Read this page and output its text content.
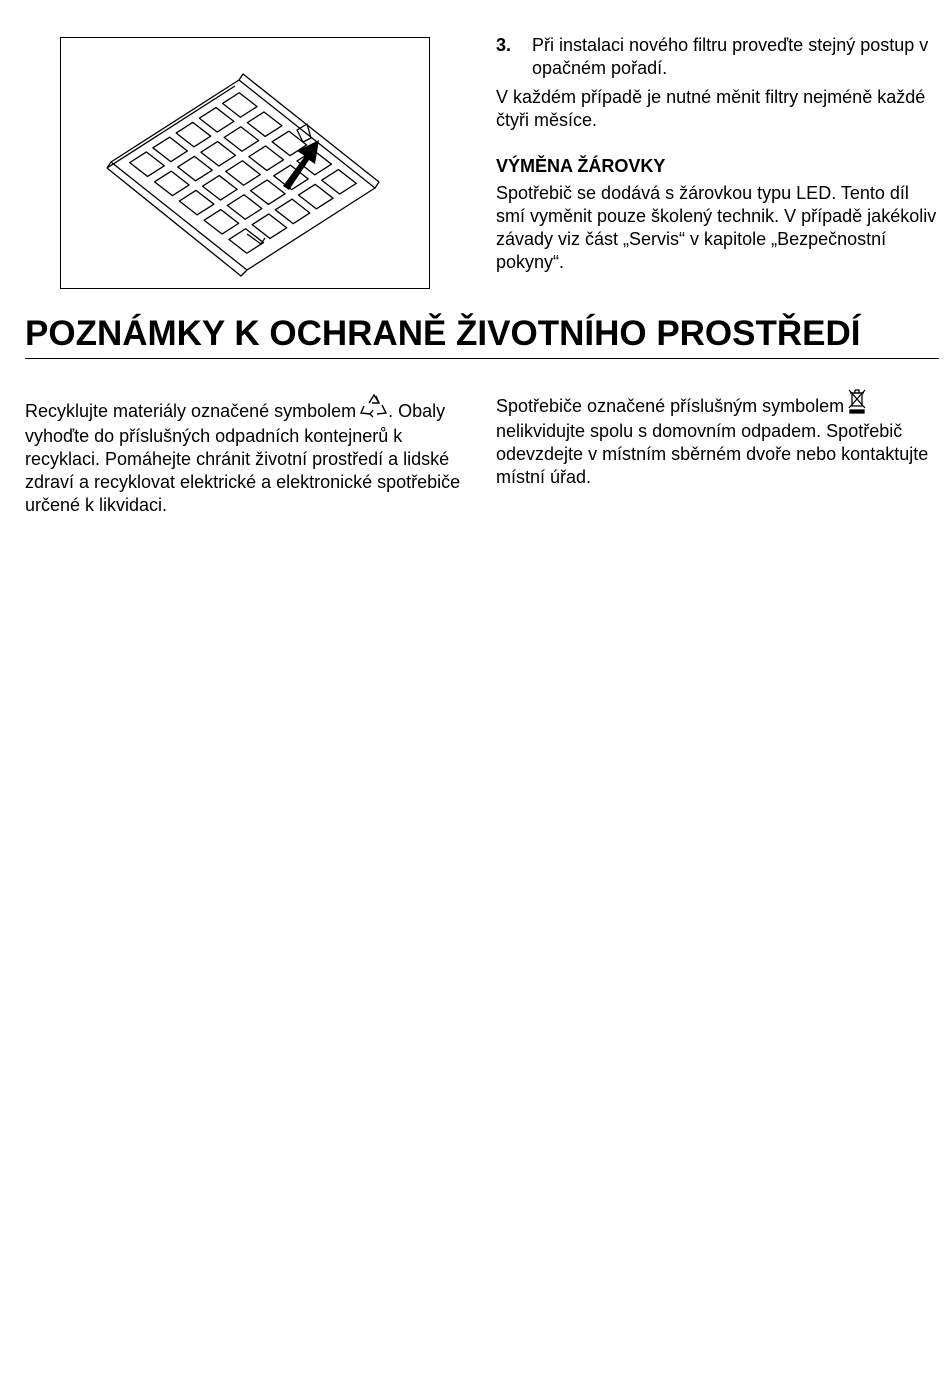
3.	Při instalaci nového filtru proveďte stejný postup v opačném pořadí.

V každém případě je nutné měnit filtry nejméně každé čtyři měsíce.

VÝMĚNA ŽÁROVKY

Spotřebič se dodává s žárovkou typu LED. Tento díl smí vyměnit pouze školený technik. V případě jakékoliv závady viz část „Servis“ v kapitole „Bezpečnostní pokyny“.

POZNÁMKY K OCHRANĚ ŽIVOTNÍHO PROSTŘEDÍ
Recyklujte materiály označené symbolem . Obaly vyhoďte do příslušných odpadních kontejnerů k recyklaci. Pomáhejte chránit životní prostředí a lidské zdraví a recyklovat elektrické a elektronické spotřebiče určené k likvidaci.
Spotřebiče označené příslušným symbolem
nelikvidujte spolu s domovním odpadem. Spotřebič odevzdejte v místním sběrném dvoře nebo kontaktujte místní úřad.
